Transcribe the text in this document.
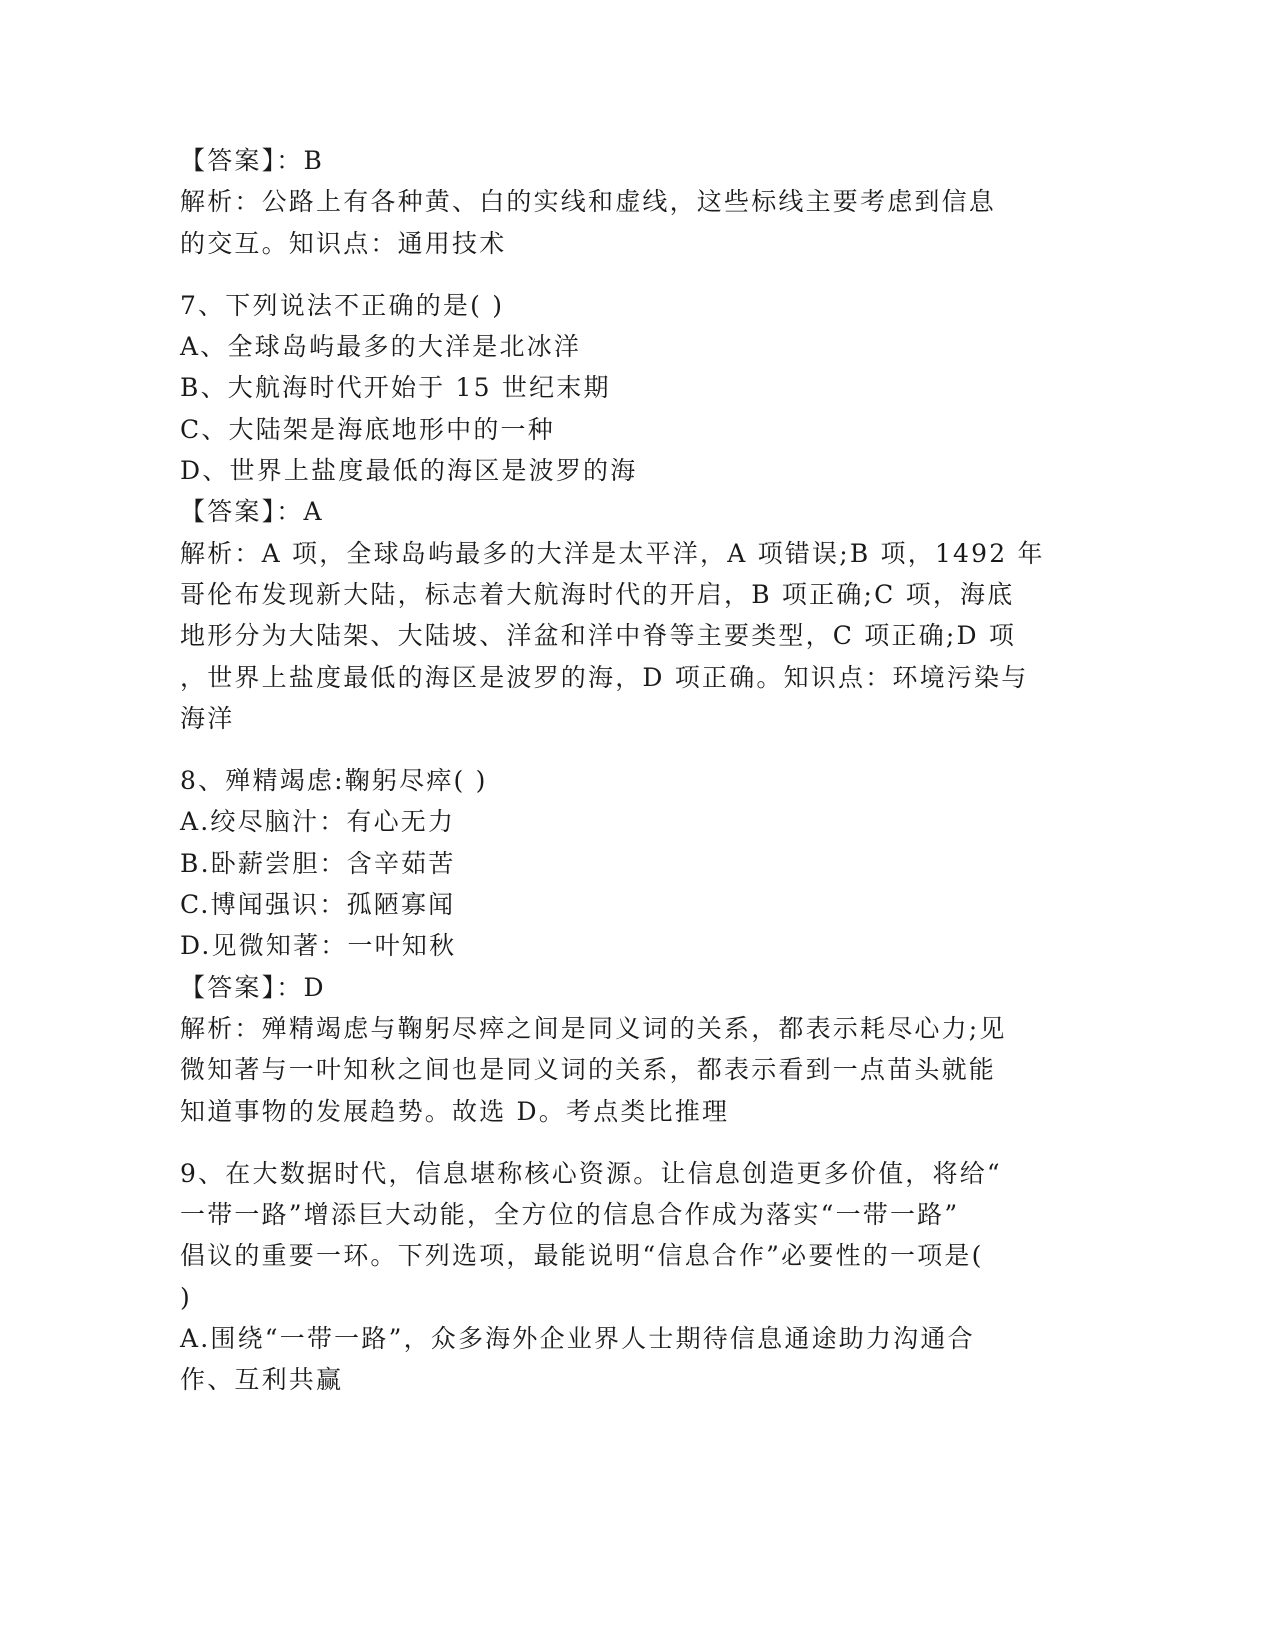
【答案】：B

解析：公路上有各种黄、白的实线和虚线，这些标线主要考虑到信息

的交互。知识点：通用技术

7、下列说法不正确的是( )

A、全球岛屿最多的大洋是北冰洋

B、大航海时代开始于 15 世纪末期

C、大陆架是海底地形中的一种

D、世界上盐度最低的海区是波罗的海

【答案】：A

解析：A 项，全球岛屿最多的大洋是太平洋，A 项错误;B 项，1492 年

哥伦布发现新大陆，标志着大航海时代的开启，B 项正确;C 项，海底

地形分为大陆架、大陆坡、洋盆和洋中脊等主要类型，C 项正确;D 项

，世界上盐度最低的海区是波罗的海，D 项正确。知识点：环境污染与

海洋

8、殚精竭虑:鞠躬尽瘁( )

A.绞尽脑汁：有心无力

B.卧薪尝胆：含辛茹苦

C.博闻强识：孤陋寡闻

D.见微知著：一叶知秋

【答案】：D

解析：殚精竭虑与鞠躬尽瘁之间是同义词的关系，都表示耗尽心力;见

微知著与一叶知秋之间也是同义词的关系，都表示看到一点苗头就能

知道事物的发展趋势。故选 D。考点类比推理

9、在大数据时代，信息堪称核心资源。让信息创造更多价值，将给“

一带一路”增添巨大动能，全方位的信息合作成为落实“一带一路”

倡议的重要一环。下列选项，最能说明“信息合作”必要性的一项是(

)

A.围绕“一带一路”，众多海外企业界人士期待信息通途助力沟通合

作、互利共赢
